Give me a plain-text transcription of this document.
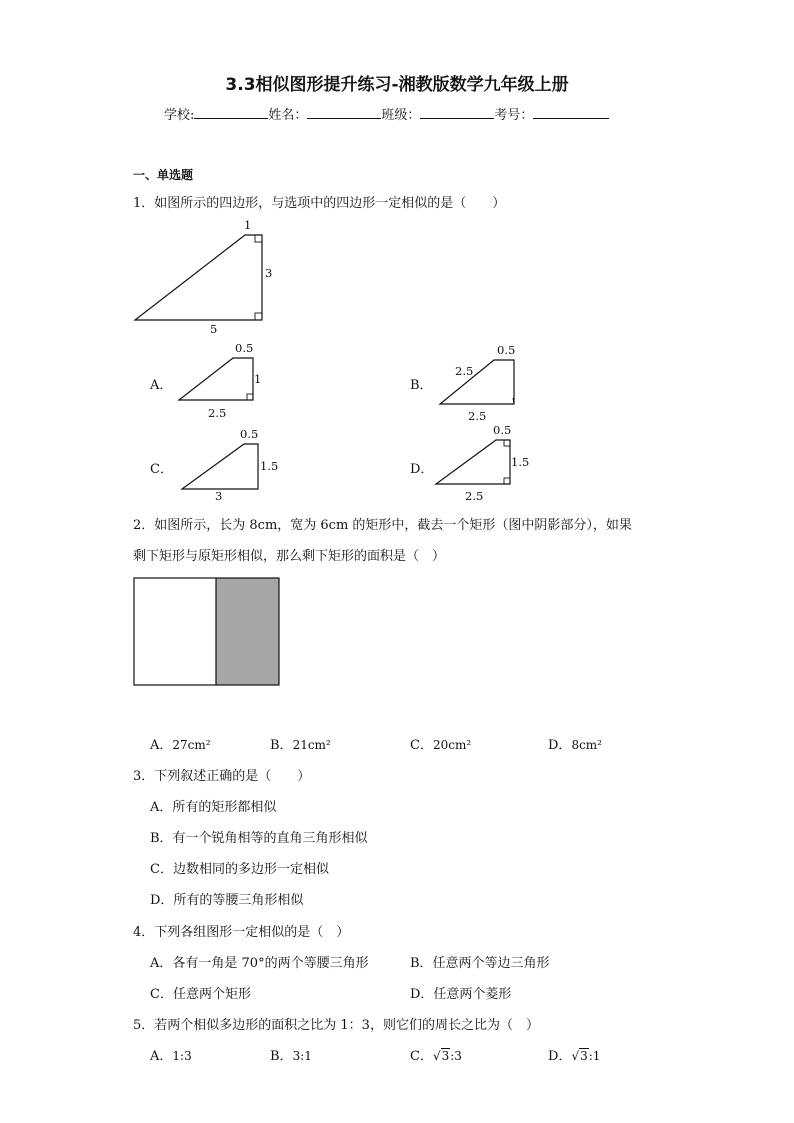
3.3相似图形提升练习-湘教版数学九年级上册
学校:	姓名：	班级：	考号：
一、单选题
1．如图所示的四边形，与选项中的四边形一定相似的是（　　）
1
3
5
0.5
1
2.5
0.5
2.5
2.5
0.5
1.5
3
0.5
1.5
2.5
A．	B．
C．	D．
2．如图所示，长为 8cm，宽为 6cm 的矩形中，截去一个矩形（图中阴影部分），如果
剩下矩形与原矩形相似，那么剩下矩形的面积是（　）
A．27cm²	B．21cm²	C．20cm²	D．8cm²
3．下列叙述正确的是（　　）
A．所有的矩形都相似
B．有一个锐角相等的直角三角形相似
C．边数相同的多边形一定相似
D．所有的等腰三角形相似
4．下列各组图形一定相似的是（　）
A．各有一角是 70°的两个等腰三角形	B．任意两个等边三角形
C．任意两个矩形	D．任意两个菱形
5．若两个相似多边形的面积之比为 1：3，则它们的周长之比为（　）
A．1:3	B．3:1	C．√3:3	D．√3:1
